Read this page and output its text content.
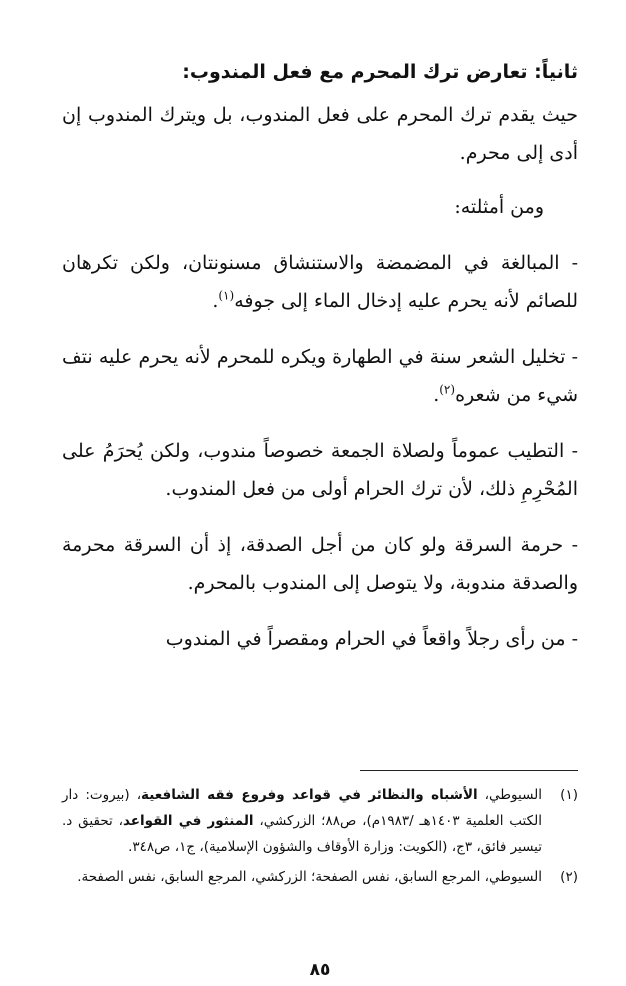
ثانياً: تعارض ترك المحرم مع فعل المندوب:

حيث يقدم ترك المحرم على فعل المندوب، بل ويترك المندوب إن أدى إلى محرم.

ومن أمثلته:

- المبالغة في المضمضة والاستنشاق مسنونتان، ولكن تكرهان للصائم لأنه يحرم عليه إدخال الماء إلى جوفه$^{(١)}$.

- تخليل الشعر سنة في الطهارة ويكره للمحرم لأنه يحرم عليه نتف شيء من شعره$^{(٢)}$.

- التطيب عموماً ولصلاة الجمعة خصوصاً مندوب، ولكن يُحرَمُ على المُحْرِمِ ذلك، لأن ترك الحرام أولى من فعل المندوب.

- حرمة السرقة ولو كان من أجل الصدقة، إذ أن السرقة محرمة والصدقة مندوبة، ولا يتوصل إلى المندوب بالمحرم.

- من رأى رجلاً واقعاً في الحرام ومقصراً في المندوب

(١)
السيوطي، الأشباه والنظائر في قواعد وفروع فقه الشافعية، (بيروت: دار الكتب العلمية ١٤٠٣هـ /١٩٨٣م)، ص٨٨؛ الزركشي، المنثور في القواعد، تحقيق د. تيسير فائق، ٣ج، (الكويت: وزارة الأوقاف والشؤون الإسلامية)، ج١، ص٣٤٨.
(٢)
السيوطي، المرجع السابق، نفس الصفحة؛ الزركشي، المرجع السابق، نفس الصفحة.
٨٥
